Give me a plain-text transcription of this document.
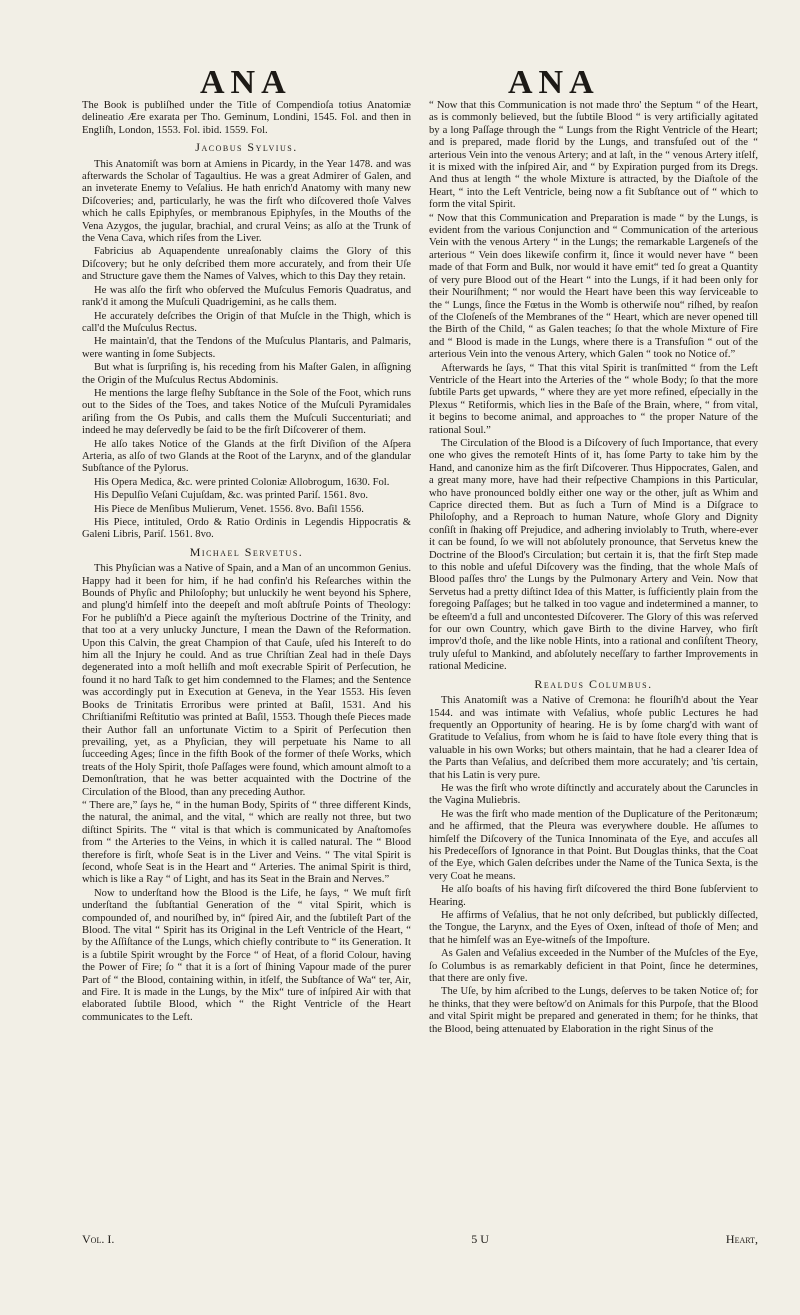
ANA	ANA

The Book is publiſhed under the Title of Compendioſa totius Anatomiæ delineatio Ære exarata per Tho. Geminum, Londini, 1545. Fol. and then in Engliſh, London, 1553. Fol. ibid. 1559. Fol.

Jacobus Sylvius.

This Anatomiſt was born at Amiens in Picardy, in the Year 1478. and was afterwards the Scholar of Tagaultius. He was a great Admirer of Galen, and an inveterate Enemy to Veſalius. He hath enrich'd Anatomy with many new Diſcoveries; and, particularly, he was the firſt who diſcovered thoſe Valves which he calls Epiphyſes, or membranous Epiphyſes, in the Mouths of the Vena Azygos, the jugular, brachial, and crural Veins; as alſo at the Trunk of the Vena Cava, which riſes from the Liver.

Fabricius ab Aquapendente unreaſonably claims the Glory of this Diſcovery; but he only deſcribed them more accurately, and from their Uſe and Structure gave them the Names of Valves, which to this Day they retain.

He was alſo the firſt who obſerved the Muſculus Femoris Quadratus, and rank'd it among the Muſculi Quadrigemini, as he calls them.

He accurately deſcribes the Origin of that Muſcle in the Thigh, which is call'd the Muſculus Rectus.

He maintain'd, that the Tendons of the Muſculus Plantaris, and Palmaris, were wanting in ſome Subjects.

But what is ſurpriſing is, his receding from his Maſter Galen, in aſſigning the Origin of the Muſculus Rectus Abdominis.

He mentions the large fleſhy Subſtance in the Sole of the Foot, which runs out to the Sides of the Toes, and takes Notice of the Muſculi Pyramidales ariſing from the Os Pubis, and calls them the Muſculi Succenturiati; and indeed he may deſervedly be ſaid to be the firſt Diſcoverer of them.

He alſo takes Notice of the Glands at the firſt Diviſion of the Aſpera Arteria, as alſo of two Glands at the Root of the Larynx, and of the glandular Subſtance of the Pylorus.

His Opera Medica, &c. were printed Coloniæ Allobrogum, 1630. Fol.

His Depulſio Veſani Cujuſdam, &c. was printed Pariſ. 1561. 8vo.

His Piece de Menſibus Mulierum, Venet. 1556. 8vo. Baſil 1556.

His Piece, intituled, Ordo & Ratio Ordinis in Legendis Hippocratis & Galeni Libris, Pariſ. 1561. 8vo.

Michael Servetus.

This Phyſician was a Native of Spain, and a Man of an uncommon Genius. Happy had it been for him, if he had confin'd his Reſearches within the Bounds of Phyſic and Philoſophy; but unluckily he went beyond his Sphere, and plung'd himſelf into the deepeſt and moſt abſtruſe Points of Theology: For he publiſh'd a Piece againſt the myſterious Doctrine of the Trinity, and that too at a very unlucky Juncture, I mean the Dawn of the Reformation. Upon this Calvin, the great Champion of that Cauſe, uſed his Intereſt to do him all the Injury he could. And as true Chriſtian Zeal had in theſe Days degenerated into a moſt helliſh and moſt execrable Spirit of Perſecution, he found it no hard Taſk to get him condemned to the Flames; and the Sentence was accordingly put in Execution at Geneva, in the Year 1553. His ſeven Books de Trinitatis Erroribus were printed at Baſil, 1531. And his Chriſtianiſmi Reſtitutio was printed at Baſil, 1553. Though theſe Pieces made their Author fall an unfortunate Victim to a Spirit of Perſecution then prevailing, yet, as a Phyſician, they will perpetuate his Name to all ſucceeding Ages; ſince in the fifth Book of the former of theſe Works, which treats of the Holy Spirit, thoſe Paſſages were found, which amount almoſt to a Demonſtration, that he was better acquainted with the Doctrine of the Circulation of the Blood, than any preceding Author.

“ There are,” ſays he, “ in the human Body, Spirits of “ three different Kinds, the natural, the animal, and the vital, “ which are really not three, but two diſtinct Spirits. The “ vital is that which is communicated by Anaſtomoſes from “ the Arteries to the Veins, in which it is called natural. The “ Blood therefore is firſt, whoſe Seat is in the Liver and Veins. “ The vital Spirit is ſecond, whoſe Seat is in the Heart and “ Arteries. The animal Spirit is third, which is like a Ray “ of Light, and has its Seat in the Brain and Nerves.”

Now to underſtand how the Blood is the Life, he ſays, “ We muſt firſt underſtand the ſubſtantial Generation of the “ vital Spirit, which is compounded of, and nouriſhed by, in“ ſpired Air, and the ſubtileſt Part of the Blood. The vital “ Spirit has its Original in the Left Ventricle of the Heart, “ by the Aſſiſtance of the Lungs, which chiefly contribute to “ its Generation. It is a ſubtile Spirit wrought by the Force “ of Heat, of a florid Colour, having the Power of Fire; ſo “ that it is a ſort of ſhining Vapour made of the purer Part of “ the Blood, containing within, in itſelf, the Subſtance of Wa“ ter, Air, and Fire. It is made in the Lungs, by the Mix“ ture of inſpired Air with that elaborated ſubtile Blood, which “ the Right Ventricle of the Heart communicates to the Left.

“ Now that this Communication is not made thro' the Septum “ of the Heart, as is commonly believed, but the ſubtile Blood “ is very artificially agitated by a long Paſſage through the “ Lungs from the Right Ventricle of the Heart; and is prepared, made florid by the Lungs, and transfuſed out of the “ arterious Vein into the venous Artery; and at laſt, in the “ venous Artery itſelf, it is mixed with the inſpired Air, and “ by Expiration purged from its Dregs. And thus at length “ the whole Mixture is attracted, by the Diaſtole of the Heart, “ into the Left Ventricle, being now a fit Subſtance out of “ which to form the vital Spirit.

“ Now that this Communication and Preparation is made “ by the Lungs, is evident from the various Conjunction and “ Communication of the arterious Vein with the venous Artery “ in the Lungs; the remarkable Largeneſs of the arterious “ Vein does likewiſe confirm it, ſince it would never have “ been made of that Form and Bulk, nor would it have emit“ ted ſo great a Quantity of very pure Blood out of the Heart “ into the Lungs, if it had been only for their Nouriſhment; “ nor would the Heart have been this way ſerviceable to the “ Lungs, ſince the Fœtus in the Womb is otherwiſe nou“ riſhed, by reaſon of the Cloſeneſs of the Membranes of the “ Heart, which are never opened till the Birth of the Child, “ as Galen teaches; ſo that the whole Mixture of Fire and “ Blood is made in the Lungs, where there is a Transfuſion “ out of the arterious Vein into the venous Artery, which Galen “ took no Notice of.”

Afterwards he ſays, “ That this vital Spirit is tranſmitted “ from the Left Ventricle of the Heart into the Arteries of the “ whole Body; ſo that the more ſubtile Parts get upwards, “ where they are yet more refined, eſpecially in the Plexus “ Retiformis, which lies in the Baſe of the Brain, where, “ from vital, it begins to become animal, and approaches to “ the proper Nature of the rational Soul.”

The Circulation of the Blood is a Diſcovery of ſuch Importance, that every one who gives the remoteſt Hints of it, has ſome Party to take him by the Hand, and canonize him as the firſt Diſcoverer. Thus Hippocrates, Galen, and a great many more, have had their reſpective Champions in this Particular, who have pronounced boldly either one way or the other, juſt as Whim and Caprice directed them. But as ſuch a Turn of Mind is a Diſgrace to Philoſophy, and a Reproach to human Nature, whoſe Glory and Dignity conſiſt in ſhaking off Prejudice, and adhering inviolably to Truth, where-ever it can be found, ſo we will not abſolutely pronounce, that Servetus knew the Doctrine of the Blood's Circulation; but certain it is, that the firſt Step made to this noble and uſeful Diſcovery was the finding, that the whole Maſs of Blood paſſes thro' the Lungs by the Pulmonary Artery and Vein. Now that Servetus had a pretty diſtinct Idea of this Matter, is ſufficiently plain from the foregoing Paſſages; but he talked in too vague and indetermined a manner, to be eſteem'd a full and uncontested Diſcoverer. The Glory of this was reſerved for our own Country, which gave Birth to the divine Harvey, who firſt improv'd thoſe, and the like noble Hints, into a rational and conſiſtent Theory, truly uſeful to Mankind, and abſolutely neceſſary to farther Improvements in rational Medicine.

Realdus Columbus.

This Anatomiſt was a Native of Cremona: he flouriſh'd about the Year 1544. and was intimate with Veſalius, whoſe public Lectures he had frequently an Opportunity of hearing. He is by ſome charg'd with want of Gratitude to Veſalius, from whom he is ſaid to have ſtole every thing that is valuable in his own Works; but others maintain, that he had a clearer Idea of the Parts than Veſalius, and deſcribed them more accurately; and 'tis certain, that his Latin is very pure.

He was the firſt who wrote diſtinctly and accurately about the Caruncles in the Vagina Muliebris.

He was the firſt who made mention of the Duplicature of the Peritonæum; and he affirmed, that the Pleura was everywhere double. He aſſumes to himſelf the Diſcovery of the Tunica Innominata of the Eye, and accuſes all his Predeceſſors of Ignorance in that Point. But Douglas thinks, that the Coat of the Eye, which Galen deſcribes under the Name of the Tunica Sexta, is the very Coat he means.

He alſo boaſts of his having firſt diſcovered the third Bone ſubſervient to Hearing.

He affirms of Veſalius, that he not only deſcribed, but publickly diſſected, the Tongue, the Larynx, and the Eyes of Oxen, inſtead of thoſe of Men; and that he himſelf was an Eye-witneſs of the Impoſture.

As Galen and Veſalius exceeded in the Number of the Muſcles of the Eye, ſo Columbus is as remarkably deficient in that Point, ſince he determines, that there are only five.

The Uſe, by him aſcribed to the Lungs, deſerves to be taken Notice of; for he thinks, that they were beſtow'd on Animals for this Purpoſe, that the Blood and vital Spirit might be prepared and generated in them; for he thinks, that the Blood, being attenuated by Elaboration in the right Sinus of the

Vol. I.	5 U	Heart,
